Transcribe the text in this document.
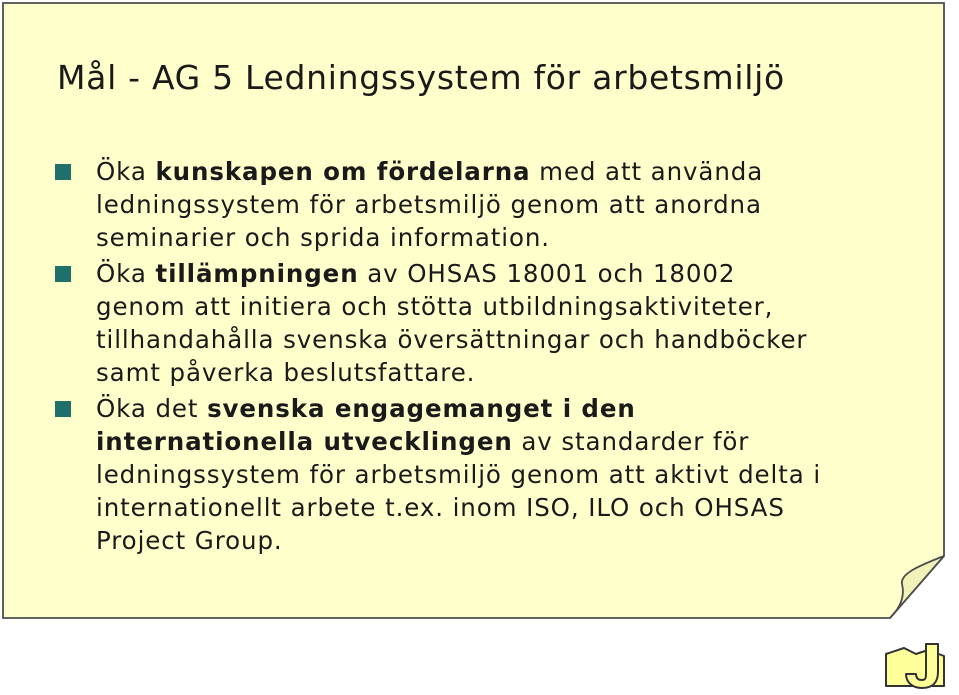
Mål - AG 5 Ledningssystem för arbetsmiljö
Öka kunskapen om fördelarna med att använda
ledningssystem för arbetsmiljö genom att anordna
seminarier och sprida information.
Öka tillämpningen av OHSAS 18001 och 18002
genom att initiera och stötta utbildningsaktiviteter,
tillhandahålla svenska översättningar och handböcker
samt påverka beslutsfattare.
Öka det svenska engagemanget i den
internationella utvecklingen av standarder för
ledningssystem för arbetsmiljö genom att aktivt delta i
internationellt arbete t.ex. inom ISO, ILO och OHSAS
Project Group.
